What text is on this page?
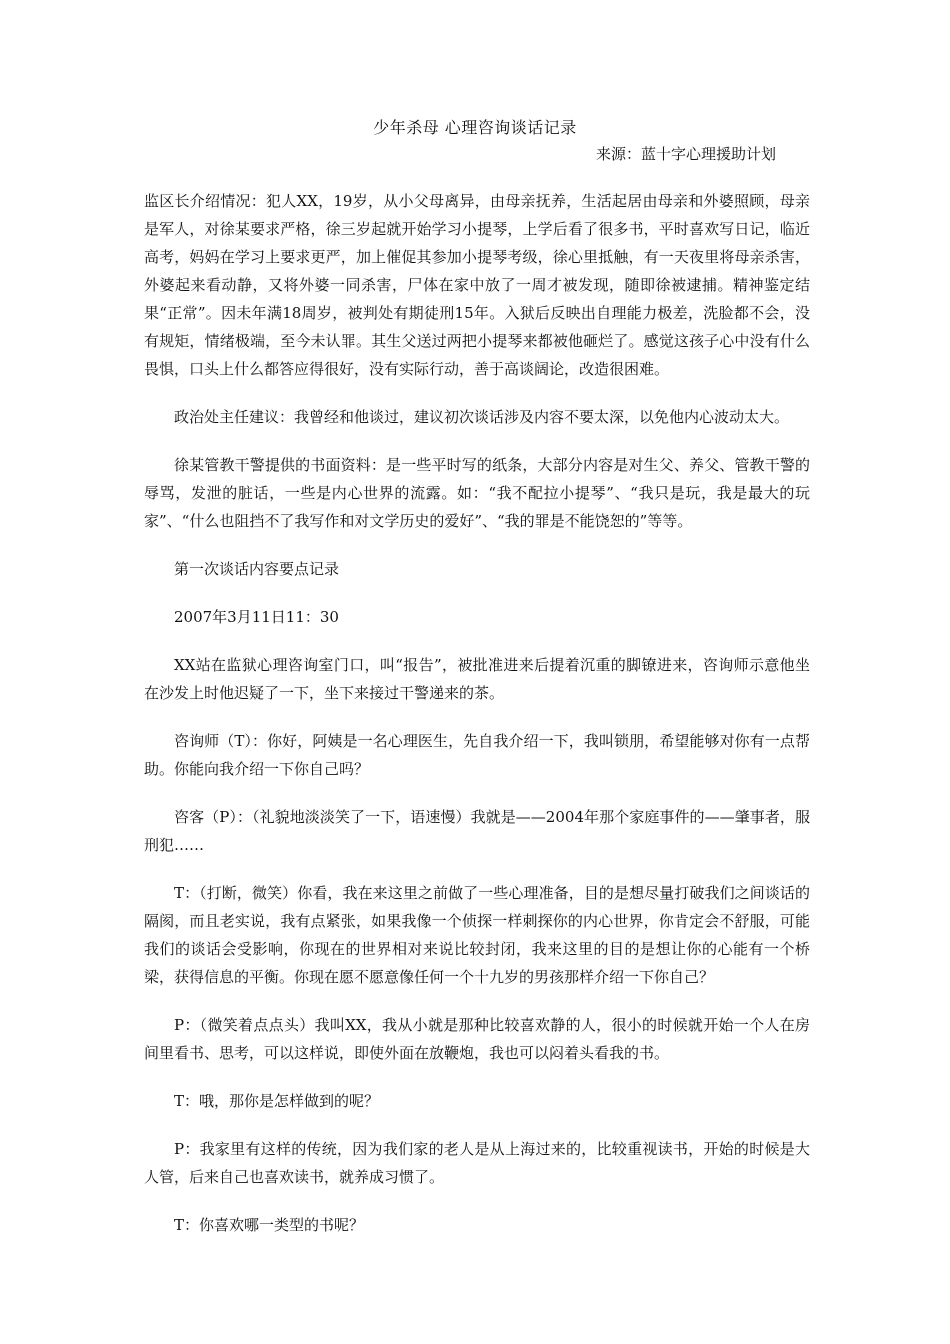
少年杀母 心理咨询谈话记录
来源：蓝十字心理援助计划

监区长介绍情况：犯人XX，19岁，从小父母离异，由母亲抚养，生活起居由母亲和外婆照顾，母亲是军人，对徐某要求严格，徐三岁起就开始学习小提琴，上学后看了很多书，平时喜欢写日记，临近高考，妈妈在学习上要求更严，加上催促其参加小提琴考级，徐心里抵触，有一天夜里将母亲杀害，外婆起来看动静，又将外婆一同杀害，尸体在家中放了一周才被发现，随即徐被逮捕。精神鉴定结果“正常”。因未年满18周岁，被判处有期徒刑15年。入狱后反映出自理能力极差，洗脸都不会，没有规矩，情绪极端，至今未认罪。其生父送过两把小提琴来都被他砸烂了。感觉这孩子心中没有什么畏惧，口头上什么都答应得很好，没有实际行动，善于高谈阔论，改造很困难。

政治处主任建议：我曾经和他谈过，建议初次谈话涉及内容不要太深，以免他内心波动太大。

徐某管教干警提供的书面资料：是一些平时写的纸条，大部分内容是对生父、养父、管教干警的辱骂，发泄的脏话，一些是内心世界的流露。如：“我不配拉小提琴”、“我只是玩，我是最大的玩家”、“什么也阻挡不了我写作和对文学历史的爱好”、“我的罪是不能饶恕的”等等。

第一次谈话内容要点记录

2007年3月11日11：30

XX站在监狱心理咨询室门口，叫“报告”，被批准进来后提着沉重的脚镣进来，咨询师示意他坐在沙发上时他迟疑了一下，坐下来接过干警递来的茶。

咨询师（T）：你好，阿姨是一名心理医生，先自我介绍一下，我叫锁朋，希望能够对你有一点帮助。你能向我介绍一下你自己吗？

咨客（P）：（礼貌地淡淡笑了一下，语速慢）我就是——2004年那个家庭事件的——肇事者，服刑犯……

T：（打断，微笑）你看，我在来这里之前做了一些心理准备，目的是想尽量打破我们之间谈话的隔阂，而且老实说，我有点紧张，如果我像一个侦探一样刺探你的内心世界，你肯定会不舒服，可能我们的谈话会受影响，你现在的世界相对来说比较封闭，我来这里的目的是想让你的心能有一个桥梁，获得信息的平衡。你现在愿不愿意像任何一个十九岁的男孩那样介绍一下你自己？

P：（微笑着点点头）我叫XX，我从小就是那种比较喜欢静的人，很小的时候就开始一个人在房间里看书、思考，可以这样说，即使外面在放鞭炮，我也可以闷着头看我的书。

T：哦，那你是怎样做到的呢？

P：我家里有这样的传统，因为我们家的老人是从上海过来的，比较重视读书，开始的时候是大人管，后来自己也喜欢读书，就养成习惯了。

T：你喜欢哪一类型的书呢？
